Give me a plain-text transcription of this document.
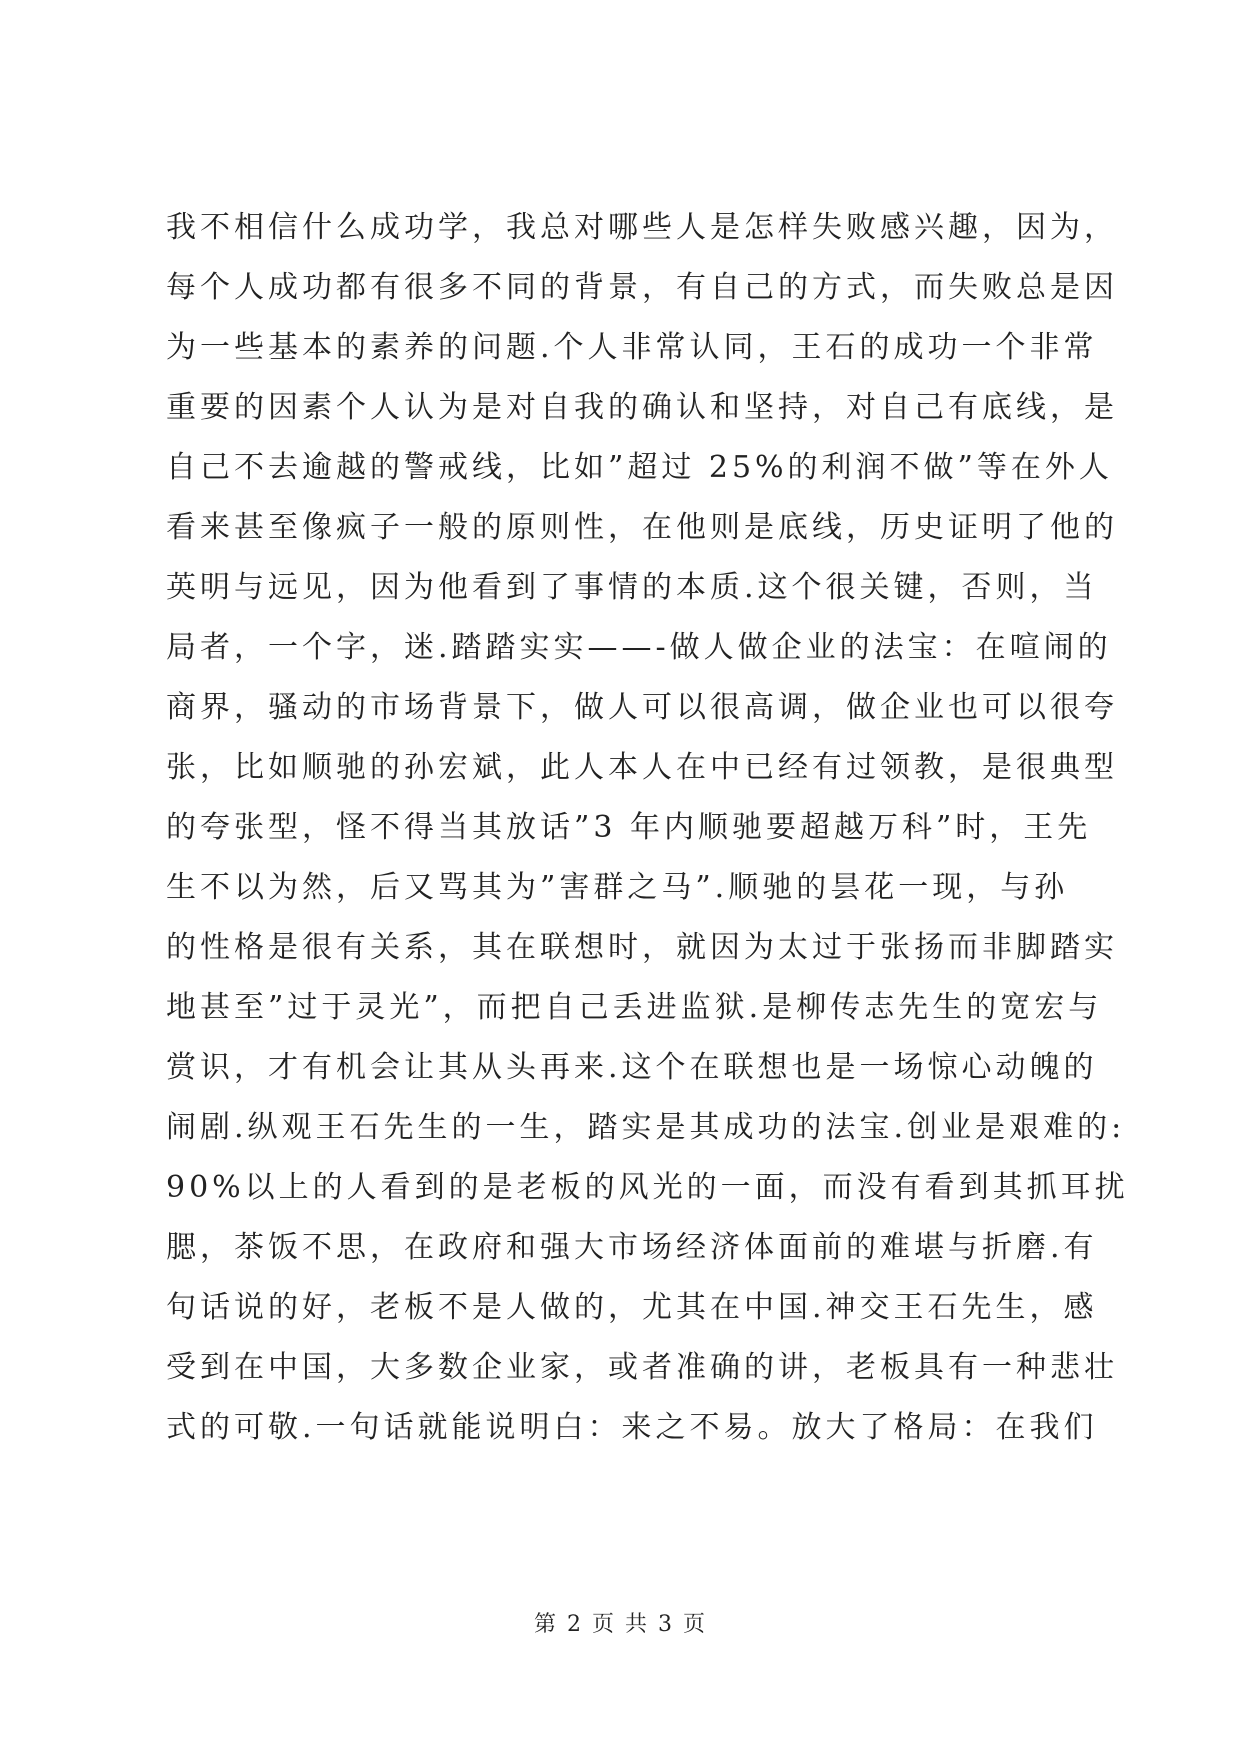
我不相信什么成功学，我总对哪些人是怎样失败感兴趣，因为，
每个人成功都有很多不同的背景，有自己的方式，而失败总是因
为一些基本的素养的问题.个人非常认同，王石的成功一个非常
重要的因素个人认为是对自我的确认和坚持，对自己有底线，是
自己不去逾越的警戒线，比如”超过 25%的利润不做”等在外人
看来甚至像疯子一般的原则性，在他则是底线，历史证明了他的
英明与远见，因为他看到了事情的本质.这个很关键，否则，当
局者，一个字，迷.踏踏实实——-做人做企业的法宝：在喧闹的
商界，骚动的市场背景下，做人可以很高调，做企业也可以很夸
张，比如顺驰的孙宏斌，此人本人在中已经有过领教，是很典型
的夸张型，怪不得当其放话”3 年内顺驰要超越万科”时，王先
生不以为然，后又骂其为”害群之马”.顺驰的昙花一现，与孙
的性格是很有关系，其在联想时，就因为太过于张扬而非脚踏实
地甚至”过于灵光”，而把自己丢进监狱.是柳传志先生的宽宏与
赏识，才有机会让其从头再来.这个在联想也是一场惊心动魄的
闹剧.纵观王石先生的一生，踏实是其成功的法宝.创业是艰难的:
90%以上的人看到的是老板的风光的一面，而没有看到其抓耳扰
腮，茶饭不思，在政府和强大市场经济体面前的难堪与折磨.有
句话说的好，老板不是人做的，尤其在中国.神交王石先生，感
受到在中国，大多数企业家，或者准确的讲，老板具有一种悲壮
式的可敬.一句话就能说明白：来之不易。放大了格局：在我们
第 2 页 共 3 页
